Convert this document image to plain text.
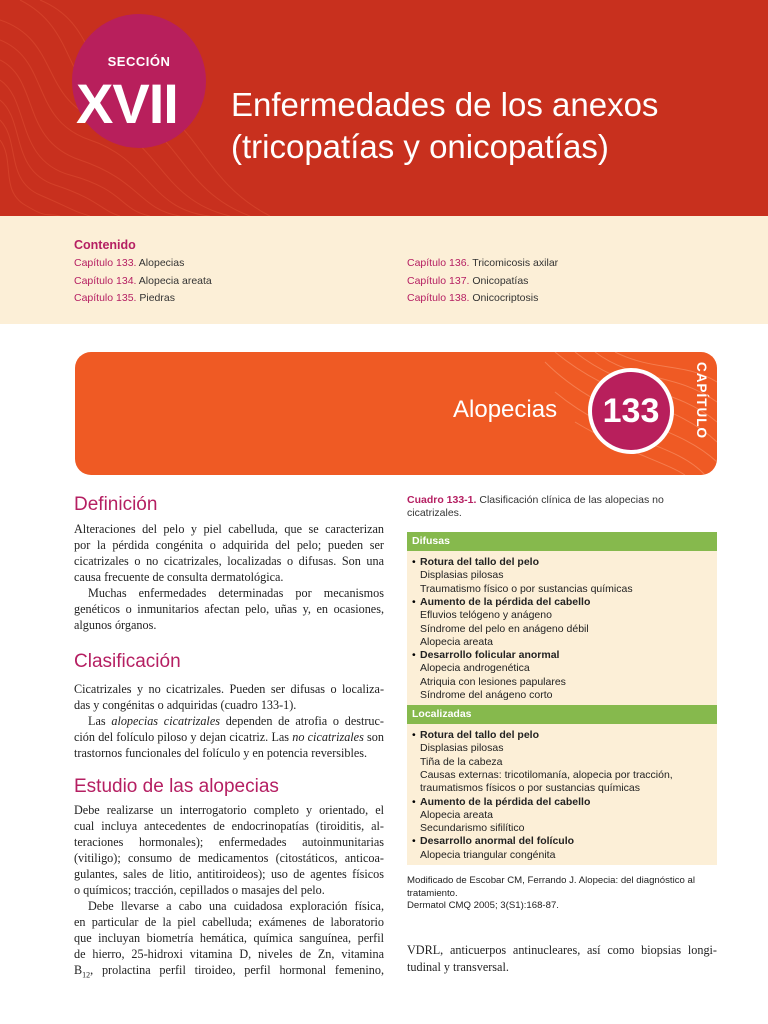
SECCIÓN
XVII	Enfermedades de los anexos
(tricopatías y onicopatías)
Contenido
Capítulo 133. Alopecias
Capítulo 134. Alopecia areata
Capítulo 135. Piedras
Capítulo 136. Tricomicosis axilar
Capítulo 137. Onicopatías
Capítulo 138. Onicocriptosis
Alopecias	133	CAPÍTULO
Definición

Alteraciones del pelo y piel cabelluda, que se caracterizan

por la pérdida congénita o adquirida del pelo; pueden ser

cicatrizales o no cicatrizales, localizadas o difusas. Son una

causa frecuente de consulta dermatológica.

Muchas enfermedades determinadas por mecanismos

genéticos o inmunitarios afectan pelo, uñas y, en ocasiones,

algunos órganos.

Clasificación

Cicatrizales y no cicatrizales. Pueden ser difusas o localiza-

das y congénitas o adquiridas (cuadro 133-1).

Las alopecias cicatrizales dependen de atrofia o destruc-

ción del folículo piloso y dejan cicatriz. Las no cicatrizales son

trastornos funcionales del folículo y en potencia reversibles.

Estudio de las alopecias

Debe realizarse un interrogatorio completo y orientado, el

cual incluya antecedentes de endocrinopatías (tiroiditis, al-

teraciones hormonales); enfermedades autoinmunitarias

(vitiligo); consumo de medicamentos (citostáticos, anticoa-

gulantes, sales de litio, antitiroideos); uso de agentes físicos

o químicos; tracción, cepillados o masajes del pelo.

Debe llevarse a cabo una cuidadosa exploración física,

en particular de la piel cabelluda; exámenes de laboratorio

que incluyan biometría hemática, química sanguínea, perfil

de hierro, 25-hidroxi vitamina D, niveles de Zn, vitamina

$B_{12}$, prolactina perfil tiroideo, perfil hormonal femenino,

Cuadro 133-1. Clasificación clínica de las alopecias no cicatrizales.
Difusas
Localizadas
• Rotura del tallo del pelo
Displasias pilosas
Traumatismo físico o por sustancias químicas
• Aumento de la pérdida del cabello
Efluvios telógeno y anágeno
Síndrome del pelo en anágeno débil
Alopecia areata
• Desarrollo folicular anormal
Alopecia androgenética
Atriquia con lesiones papulares
Síndrome del anágeno corto
• Rotura del tallo del pelo
Displasias pilosas
Tiña de la cabeza
Causas externas: tricotilomanía, alopecia por tracción,
traumatismos físicos o por sustancias químicas
• Aumento de la pérdida del cabello
Alopecia areata
Secundarismo sifilítico
• Desarrollo anormal del folículo
Alopecia triangular congénita
Modificado de Escobar CM, Ferrando J. Alopecia: del diagnóstico al
tratamiento.
Dermatol CMQ 2005; 3(S1):168-87.
VDRL, anticuerpos antinucleares, así como biopsias longi-
tudinal y transversal.
